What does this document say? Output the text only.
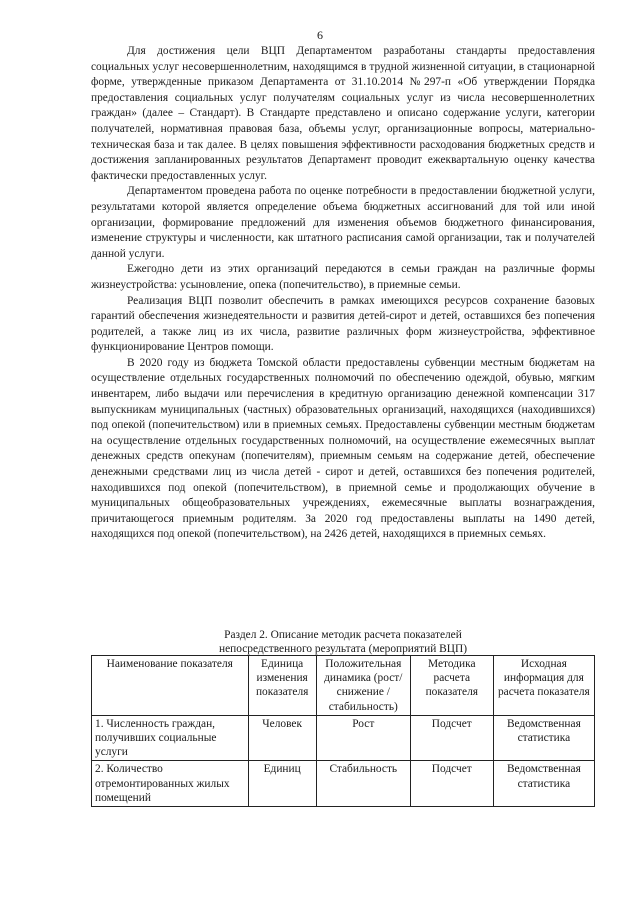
6

Для достижения цели ВЦП Департаментом разработаны стандарты предоставления социальных услуг несовершеннолетним, находящимся в трудной жизненной ситуации, в стационарной форме, утвержденные приказом Департамента от 31.10.2014 №297-п «Об утверждении Порядка предоставления социальных услуг получателям социальных услуг из числа несовершеннолетних граждан» (далее – Стандарт). В Стандарте представлено и описано содержание услуги, категории получателей, нормативная правовая база, объемы услуг, организационные вопросы, материально-техническая база и так далее. В целях повышения эффективности расходования бюджетных средств и достижения запланированных результатов Департамент проводит ежеквартальную оценку качества фактически предоставленных услуг.

Департаментом проведена работа по оценке потребности в предоставлении бюджетной услуги, результатами которой является определение объема бюджетных ассигнований для той или иной организации, формирование предложений для изменения объемов бюджетного финансирования, изменение структуры и численности, как штатного расписания самой организации, так и получателей данной услуги.

Ежегодно дети из этих организаций передаются в семьи граждан на различные формы жизнеустройства: усыновление, опека (попечительство), в приемные семьи.

Реализация ВЦП позволит обеспечить в рамках имеющихся ресурсов сохранение базовых гарантий обеспечения жизнедеятельности и развития детей-сирот и детей, оставшихся без попечения родителей, а также лиц из их числа, развитие различных форм жизнеустройства, эффективное функционирование Центров помощи.

В 2020 году из бюджета Томской области предоставлены субвенции местным бюджетам на осуществление отдельных государственных полномочий по обеспечению одеждой, обувью, мягким инвентарем, либо выдачи или перечисления в кредитную организацию денежной компенсации 317 выпускникам муниципальных (частных) образовательных организаций, находящихся (находившихся) под опекой (попечительством) или в приемных семьях. Предоставлены субвенции местным бюджетам на осуществление отдельных государственных полномочий, на осуществление ежемесячных выплат денежных средств опекунам (попечителям), приемным семьям на содержание детей, обеспечение денежными средствами лиц из числа детей - сирот и детей, оставшихся без попечения родителей, находившихся под опекой (попечительством), в приемной семье и продолжающих обучение в муниципальных общеобразовательных учреждениях, ежемесячные выплаты вознаграждения, причитающегося приемным родителям. За 2020 год предоставлены выплаты на 1490 детей, находящихся под опекой (попечительством), на 2426 детей, находящихся в приемных семьях.

Раздел 2. Описание методик расчета показателей
непосредственного результата (мероприятий ВЦП)
Наименование показателя	Единица изменения показателя	Положительная динамика (рост/снижение /стабильность)	Методика расчета показателя	Исходная информация для расчета показателя
1. Численность граждан, получивших социальные услуги	Человек	Рост	Подсчет	Ведомственная статистика
2. Количество отремонтированных жилых помещений	Единиц	Стабильность	Подсчет	Ведомственная статистика
